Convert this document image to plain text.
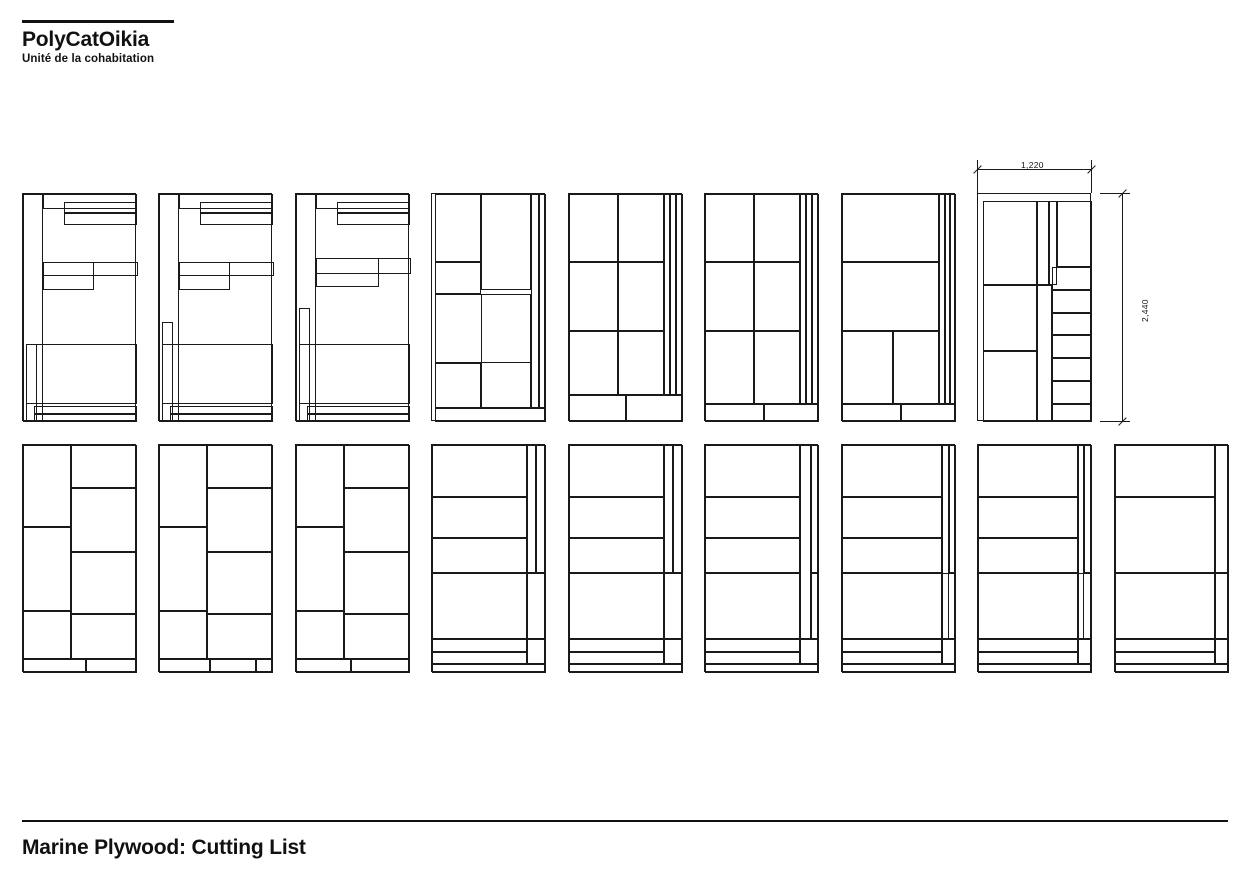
PolyCatOikia
Unité de la cohabitation
1,220
2,440
Marine Plywood: Cutting List
